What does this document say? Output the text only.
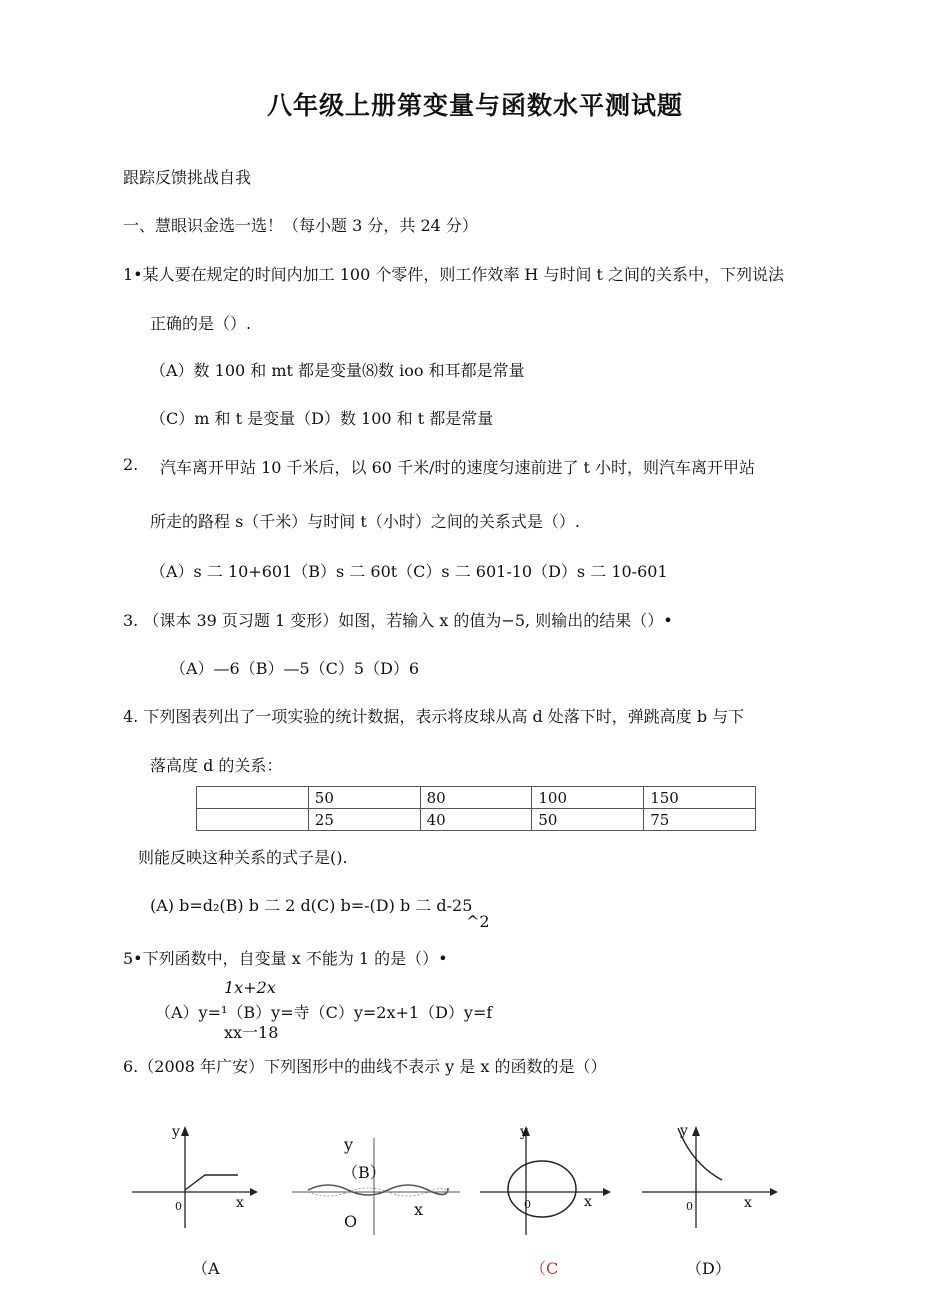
八年级上册第变量与函数水平测试题
跟踪反馈挑战自我
一、慧眼识金选一选！（每小题 3 分，共 24 分）
1•某人要在规定的时间内加工 100 个零件，则工作效率 H 与时间 t 之间的关系中，下列说法
正确的是（）.
（A）数 100 和 mt 都是变量⑻数 ioo 和耳都是常量
（C）m 和 t 是变量（D）数 100 和 t 都是常量
2. 汽车离开甲站 10 千米后，以 60 千米/时的速度匀速前进了 t 小时，则汽车离开甲站
所走的路程 s（千米）与时间 t（小时）之间的关系式是（）.
（A）s 二 10+601（B）s 二 60t（C）s 二 601-10（D）s 二 10-601
3. （课本 39 页习题 1 变形）如图，若输入 x 的值为−5, 则输出的结果（）•
（A）—6（B）—5（C）5（D）6
4. 下列图表列出了一项实验的统计数据，表示将皮球从高 d 处落下时，弹跳高度 b 与下
落高度 d 的关系：
	50	80	100	150
	25	40	50	75
则能反映这种关系的式子是().
(A) b=d₂(B) b 二 2 d(C) b=-(D) b 二 d-25
^2
5•下列函数中，自变量 x 不能为 1 的是（）•
1x+2x
（A）y=¹（B）y=寺（C）y=2x+1（D）y=f
xx一18
6.（2008 年广安）下列图形中的曲线不表示 y 是 x 的函数的是（）
y
x
0
（A
y
（B）
x
O
y
x
0
（C
y
x
0
（D）
